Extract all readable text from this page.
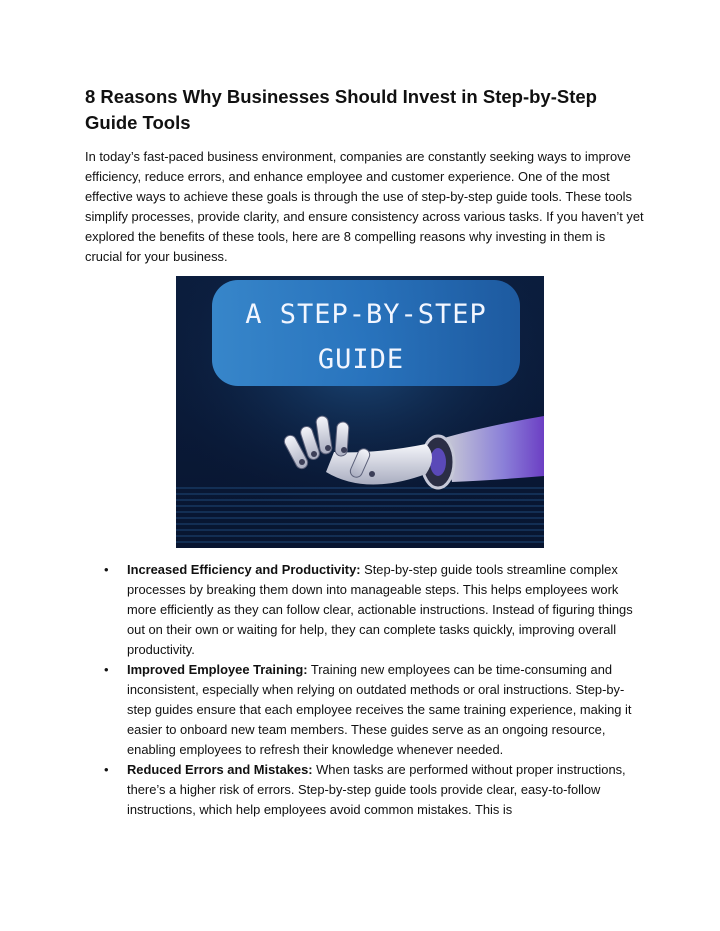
8 Reasons Why Businesses Should Invest in Step-by-Step Guide Tools

In today’s fast-paced business environment, companies are constantly seeking ways to improve efficiency, reduce errors, and enhance employee and customer experience. One of the most effective ways to achieve these goals is through the use of step-by-step guide tools. These tools simplify processes, provide clarity, and ensure consistency across various tasks. If you haven’t yet explored the benefits of these tools, here are 8 compelling reasons why investing in them is crucial for your business.

A STEP-BY-STEP
GUIDE
•	Increased Efficiency and Productivity: Step-by-step guide tools streamline complex processes by breaking them down into manageable steps. This helps employees work more efficiently as they can follow clear, actionable instructions. Instead of figuring things out on their own or waiting for help, they can complete tasks quickly, improving overall productivity.
•	Improved Employee Training: Training new employees can be time-consuming and inconsistent, especially when relying on outdated methods or oral instructions. Step-by-step guides ensure that each employee receives the same training experience, making it easier to onboard new team members. These guides serve as an ongoing resource, enabling employees to refresh their knowledge whenever needed.
•	Reduced Errors and Mistakes: When tasks are performed without proper instructions, there’s a higher risk of errors. Step-by-step guide tools provide clear, easy-to-follow instructions, which help employees avoid common mistakes. This is
